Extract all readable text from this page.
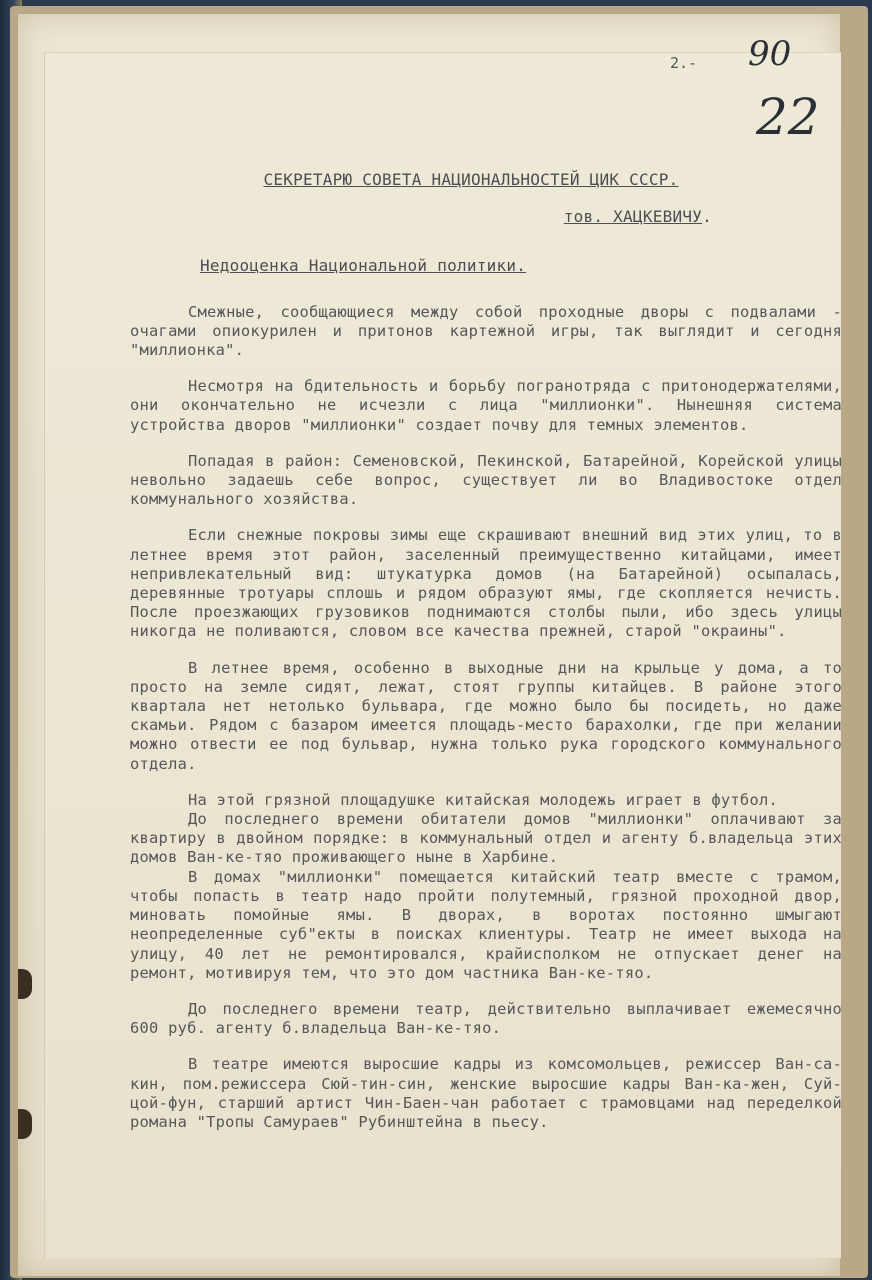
2.- 90
22
СЕКРЕТАРЮ СОВЕТА НАЦИОНАЛЬНОСТЕЙ ЦИК СССР.
тов. ХАЦКЕВИЧУ.
Недооценка Национальной политики.

Смежные, сообщающиеся между собой проходные дворы с подвалами - очагами опиокурилен и притонов картежной игры, так выглядит и сегодня "миллионка".

Несмотря на бдительность и борьбу погранотряда с притонодержателями, они окончательно не исчезли с лица "миллионки". Нынешняя система устройства дворов "миллионки" создает почву для темных элементов.

Попадая в район: Семеновской, Пекинской, Батарейной, Корейской улицы невольно задаешь себе вопрос, существует ли во Владивостоке отдел коммунального хозяйства.

Если снежные покровы зимы еще скрашивают внешний вид этих улиц, то в летнее время этот район, заселенный преимущественно китайцами, имеет непривлекательный вид: штукатурка домов (на Батарейной) осыпалась, деревянные тротуары сплошь и рядом образуют ямы, где скопляется нечисть. После проезжающих грузовиков поднимаются столбы пыли, ибо здесь улицы никогда не поливаются, словом все качества прежней, старой "окраины".

В летнее время, особенно в выходные дни на крыльце у дома, а то просто на земле сидят, лежат, стоят группы китайцев. В районе этого квартала нет нетолько бульвара, где можно было бы посидеть, но даже скамьи. Рядом с базаром имеется площадь-место барахолки, где при желании можно отвести ее под бульвар, нужна только рука городского коммунального отдела.

На этой грязной площадушке китайская молодежь играет в футбол.

До последнего времени обитатели домов "миллионки" оплачивают за квартиру в двойном порядке: в коммунальный отдел и агенту б.владельца этих домов Ван-ке-тяо проживающего ныне в Харбине.

В домах "миллионки" помещается китайский театр вместе с трамом, чтобы попасть в театр надо пройти полутемный, грязной проходной двор, миновать помойные ямы. В дворах, в воротах постоянно шмыгают неопределенные суб"екты в поисках клиентуры. Театр не имеет выхода на улицу, 40 лет не ремонтировался, крайисполком не отпускает денег на ремонт, мотивируя тем, что это дом частника Ван-ке-тяо.

До последнего времени театр, действительно выплачивает ежемесячно 600 руб. агенту б.владельца Ван-ке-тяо.

В театре имеются выросшие кадры из комсомольцев, режиссер Ван-са-кин, пом.режиссера Сюй-тин-син, женские выросшие кадры Ван-ка-жен, Суй-цой-фун, старший артист Чин-Баен-чан работает с трамовцами над переделкой романа "Тропы Самураев" Рубинштейна в пьесу.
